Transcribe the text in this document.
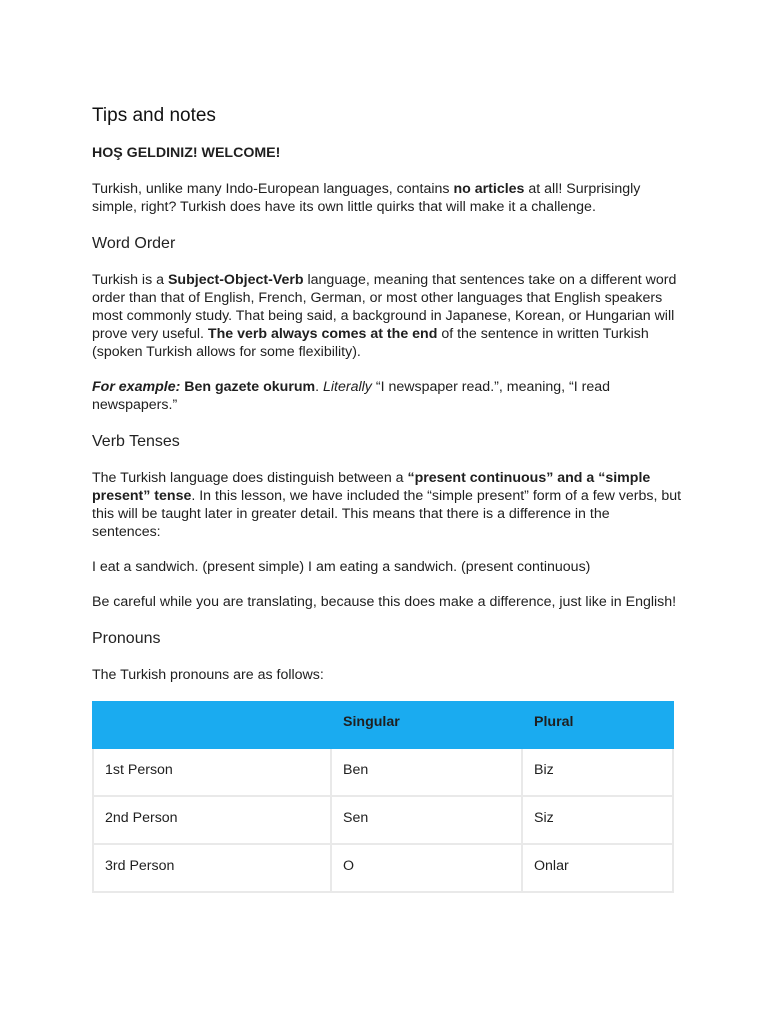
Tips and notes

HOŞ GELDINIZ! WELCOME!

Turkish, unlike many Indo-European languages, contains no articles at all! Surprisingly simple, right? Turkish does have its own little quirks that will make it a challenge.

Word Order

Turkish is a Subject-Object-Verb language, meaning that sentences take on a different word order than that of English, French, German, or most other languages that English speakers most commonly study. That being said, a background in Japanese, Korean, or Hungarian will prove very useful. The verb always comes at the end of the sentence in written Turkish (spoken Turkish allows for some flexibility).

For example: Ben gazete okurum. Literally “I newspaper read.”, meaning, “I read newspapers.”

Verb Tenses

The Turkish language does distinguish between a “present continuous” and a “simple present” tense. In this lesson, we have included the “simple present” form of a few verbs, but this will be taught later in greater detail. This means that there is a difference in the sentences:

I eat a sandwich. (present simple) I am eating a sandwich. (present continuous)

Be careful while you are translating, because this does make a difference, just like in English!

Pronouns

The Turkish pronouns are as follows:

	Singular	Plural
1st Person	Ben	Biz
2nd Person	Sen	Siz
3rd Person	O	Onlar
